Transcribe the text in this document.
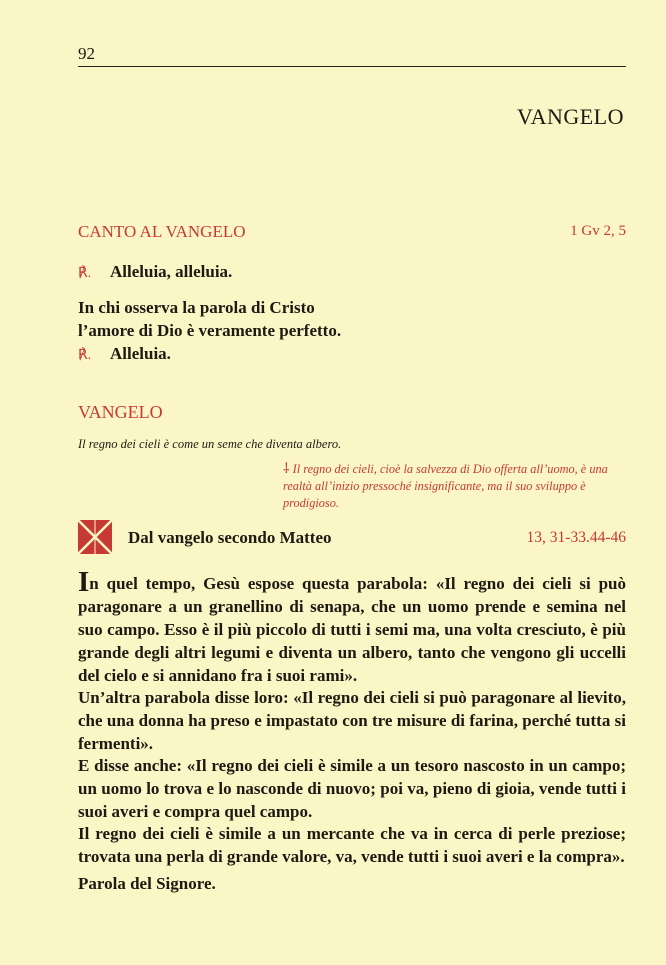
92
VANGELO
CANTO AL VANGELO	1 Gv 2, 5
℟. Alleluia, alleluia.
In chi osserva la parola di Cristo
l’amore di Dio è veramente perfetto.
℟. Alleluia.
VANGELO
Il regno dei cieli è come un seme che diventa albero.
⸸ Il regno dei cieli, cioè la salvezza di Dio offerta all’uomo, è una realtà all’inizio pressoché insignificante, ma il suo sviluppo è prodigioso.
Dal vangelo secondo Matteo	13, 31-33.44-46
In quel tempo, Gesù espose questa parabola: «Il regno dei cieli si può paragonare a un granellino di senapa, che un uomo prende e semina nel suo campo. Esso è il più piccolo di tutti i semi ma, una volta cresciuto, è più grande degli altri legumi e diventa un albero, tanto che vengono gli uccelli del cielo e si annidano fra i suoi rami».
Un’altra parabola disse loro: «Il regno dei cieli si può paragonare al lievito, che una donna ha preso e impastato con tre misure di farina, perché tutta si fermenti».
E disse anche: «Il regno dei cieli è simile a un tesoro nascosto in un campo; un uomo lo trova e lo nasconde di nuovo; poi va, pieno di gioia, vende tutti i suoi averi e compra quel campo.
Il regno dei cieli è simile a un mercante che va in cerca di perle preziose; trovata una perla di grande valore, va, vende tutti i suoi averi e la compra».
Parola del Signore.
